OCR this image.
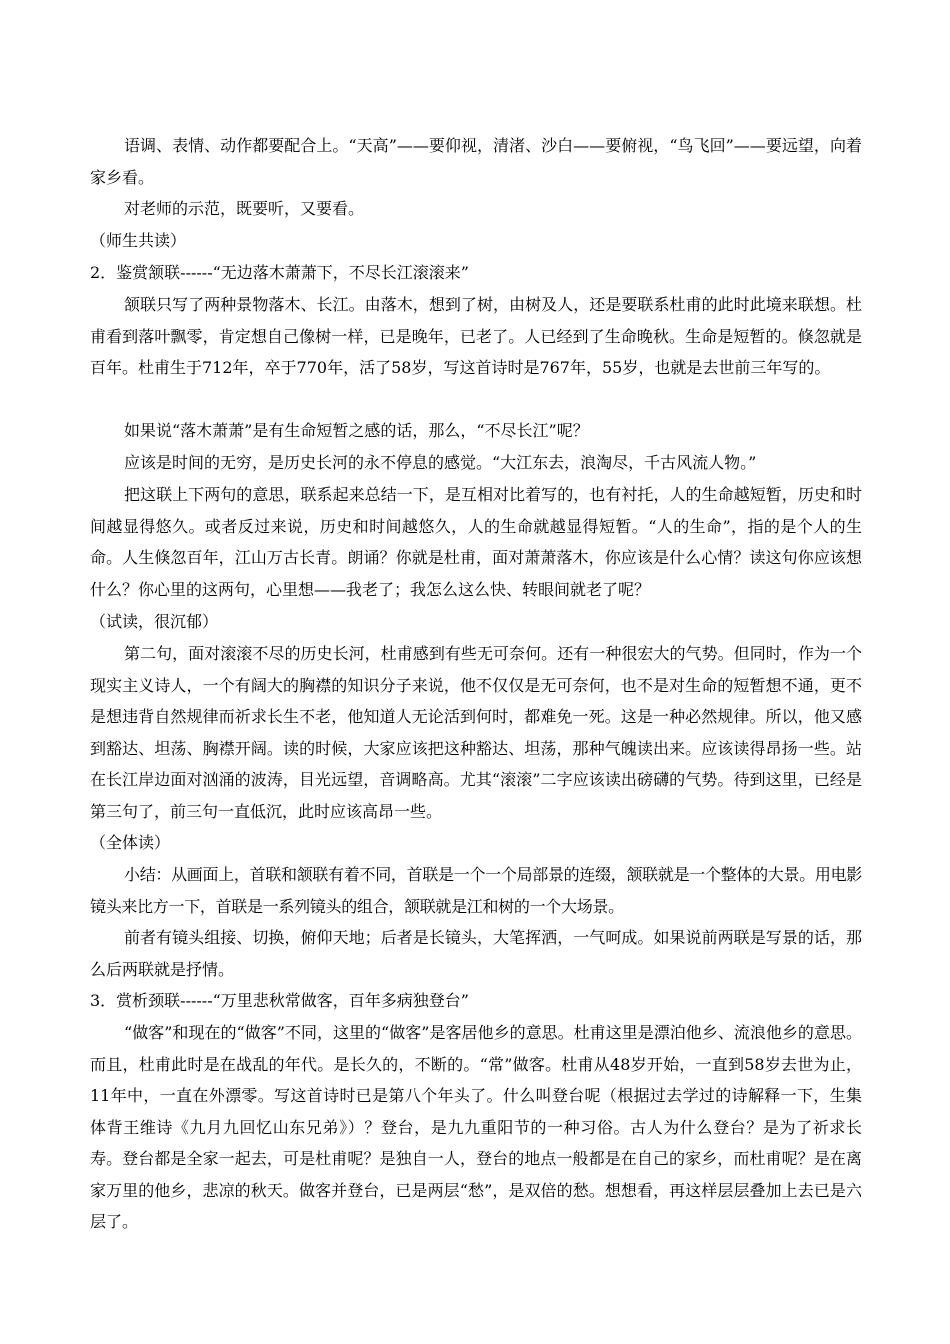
语调、表情、动作都要配合上。“天高”——要仰视，清渚、沙白——要俯视，“鸟飞回”——要远望，向着家乡看。

对老师的示范，既要听，又要看。

（师生共读）

2．鉴赏颔联------“无边落木萧萧下，不尽长江滚滚来”

颔联只写了两种景物落木、长江。由落木，想到了树，由树及人，还是要联系杜甫的此时此境来联想。杜甫看到落叶飘零，肯定想自己像树一样，已是晚年，已老了。人已经到了生命晚秋。生命是短暂的。倏忽就是百年。杜甫生于712年，卒于770年，活了58岁，写这首诗时是767年，55岁，也就是去世前三年写的。

如果说“落木萧萧”是有生命短暂之感的话，那么，“不尽长江”呢？

应该是时间的无穷，是历史长河的永不停息的感觉。“大江东去，浪淘尽，千古风流人物。”

把这联上下两句的意思，联系起来总结一下，是互相对比着写的，也有衬托，人的生命越短暂，历史和时间越显得悠久。或者反过来说，历史和时间越悠久，人的生命就越显得短暂。“人的生命”，指的是个人的生命。人生倏忽百年，江山万古长青。朗诵？你就是杜甫，面对萧萧落木，你应该是什么心情？读这句你应该想什么？你心里的这两句，心里想——我老了；我怎么这么快、转眼间就老了呢？

（试读，很沉郁）

第二句，面对滚滚不尽的历史长河，杜甫感到有些无可奈何。还有一种很宏大的气势。但同时，作为一个现实主义诗人，一个有阔大的胸襟的知识分子来说，他不仅仅是无可奈何，也不是对生命的短暂想不通，更不是想违背自然规律而祈求长生不老，他知道人无论活到何时，都难免一死。这是一种必然规律。所以，他又感到豁达、坦荡、胸襟开阔。读的时候，大家应该把这种豁达、坦荡，那种气魄读出来。应该读得昂扬一些。站在长江岸边面对汹涌的波涛，目光远望，音调略高。尤其“滚滚”二字应该读出磅礴的气势。待到这里，已经是第三句了，前三句一直低沉，此时应该高昂一些。

（全体读）

小结：从画面上，首联和颔联有着不同，首联是一个一个局部景的连缀，颔联就是一个整体的大景。用电影镜头来比方一下，首联是一系列镜头的组合，颔联就是江和树的一个大场景。

前者有镜头组接、切换，俯仰天地；后者是长镜头，大笔挥洒，一气呵成。如果说前两联是写景的话，那么后两联就是抒情。

3．赏析颈联------“万里悲秋常做客，百年多病独登台”

“做客”和现在的“做客”不同，这里的“做客”是客居他乡的意思。杜甫这里是漂泊他乡、流浪他乡的意思。而且，杜甫此时是在战乱的年代。是长久的，不断的。“常”做客。杜甫从48岁开始，一直到58岁去世为止，11年中，一直在外漂零。写这首诗时已是第八个年头了。什么叫登台呢（根据过去学过的诗解释一下，生集体背王维诗《九月九回忆山东兄弟》）？登台，是九九重阳节的一种习俗。古人为什么登台？是为了祈求长寿。登台都是全家一起去，可是杜甫呢？是独自一人，登台的地点一般都是在自己的家乡，而杜甫呢？是在离家万里的他乡，悲凉的秋天。做客并登台，已是两层“愁”，是双倍的愁。想想看，再这样层层叠加上去已是六层了。
